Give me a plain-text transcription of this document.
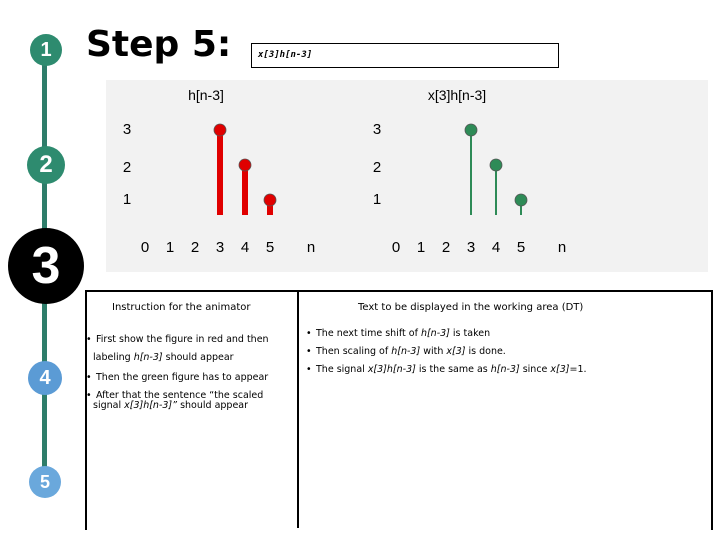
1
2
3
4
5
Step 5:	x[3]h[n-3]
h[n-3]
3
2
1
0 1 2 3 4 5 n
x[3]h[n-3]
3
2
1
0 1 2 3 4 5 n
Instruction for the animator	Text to be displayed in the working area (DT)
• First show the figure in red and then
labeling h[n-3] should appear
• Then the green figure has to appear
• After that the sentence “the scaled
signal x[3]h[n-3]” should appear
• The next time shift of h[n-3] is taken
• Then scaling of h[n-3] with x[3] is done.
• The signal x[3]h[n-3] is the same as h[n-3] since x[3]=1.
